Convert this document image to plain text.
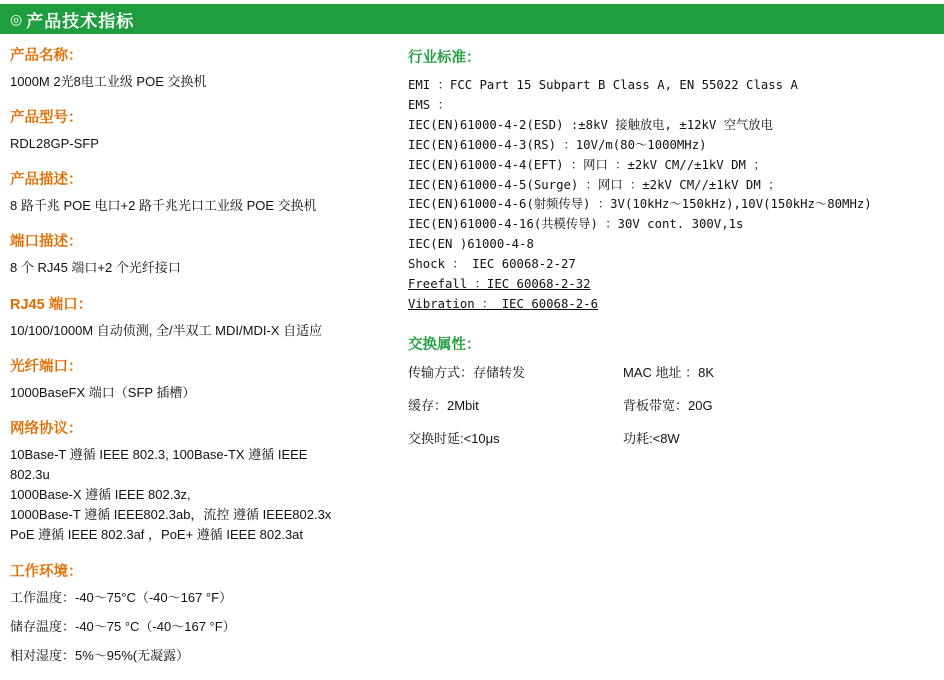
◎ 产品技术指标
产品名称：
1000M 2光8电工业级 POE 交换机
产品型号：
RDL28GP-SFP
产品描述：
8 路千兆 POE 电口+2 路千兆光口工业级 POE 交换机
端口描述：
8 个 RJ45 端口+2 个光纤接口
RJ45 端口：
10/100/1000M 自动侦测, 全/半双工 MDI/MDI-X 自适应
光纤端口：
1000BaseFX 端口（SFP 插槽）
网络协议：
10Base-T 遵循 IEEE 802.3, 100Base-TX 遵循 IEEE
802.3u
1000Base-X 遵循 IEEE 802.3z,
1000Base-T 遵循 IEEE802.3ab，流控 遵循 IEEE802.3x
PoE 遵循 IEEE 802.3af ，PoE+ 遵循 IEEE 802.3at
工作环境：
工作温度：-40～75°C（-40～167 °F）
储存温度：-40～75 °C（-40～167 °F）
相对湿度：5%～95%(无凝露）
行业标准：
EMI ：FCC Part 15 Subpart B Class A, EN 55022 Class A
EMS ：
IEC(EN)61000-4-2(ESD) :±8kV 接触放电, ±12kV 空气放电
IEC(EN)61000-4-3(RS) ：10V/m(80～1000MHz)
IEC(EN)61000-4-4(EFT) ：网口 ：±2kV CM//±1kV DM ；
IEC(EN)61000-4-5(Surge) ：网口 ：±2kV CM//±1kV DM ；
IEC(EN)61000-4-6(射频传导) ：3V(10kHz～150kHz),10V(150kHz～80MHz)
IEC(EN)61000-4-16(共模传导) ：30V cont. 300V,1s
IEC(EN )61000-4-8
Shock ： IEC 60068-2-27
Freefall ：IEC 60068-2-32
Vibration ： IEC 60068-2-6
交换属性：
传输方式：存储转发	MAC 地址 ：8K
缓存：2Mbit	背板带宽：20G
交换时延:<10μs	功耗:<8W
